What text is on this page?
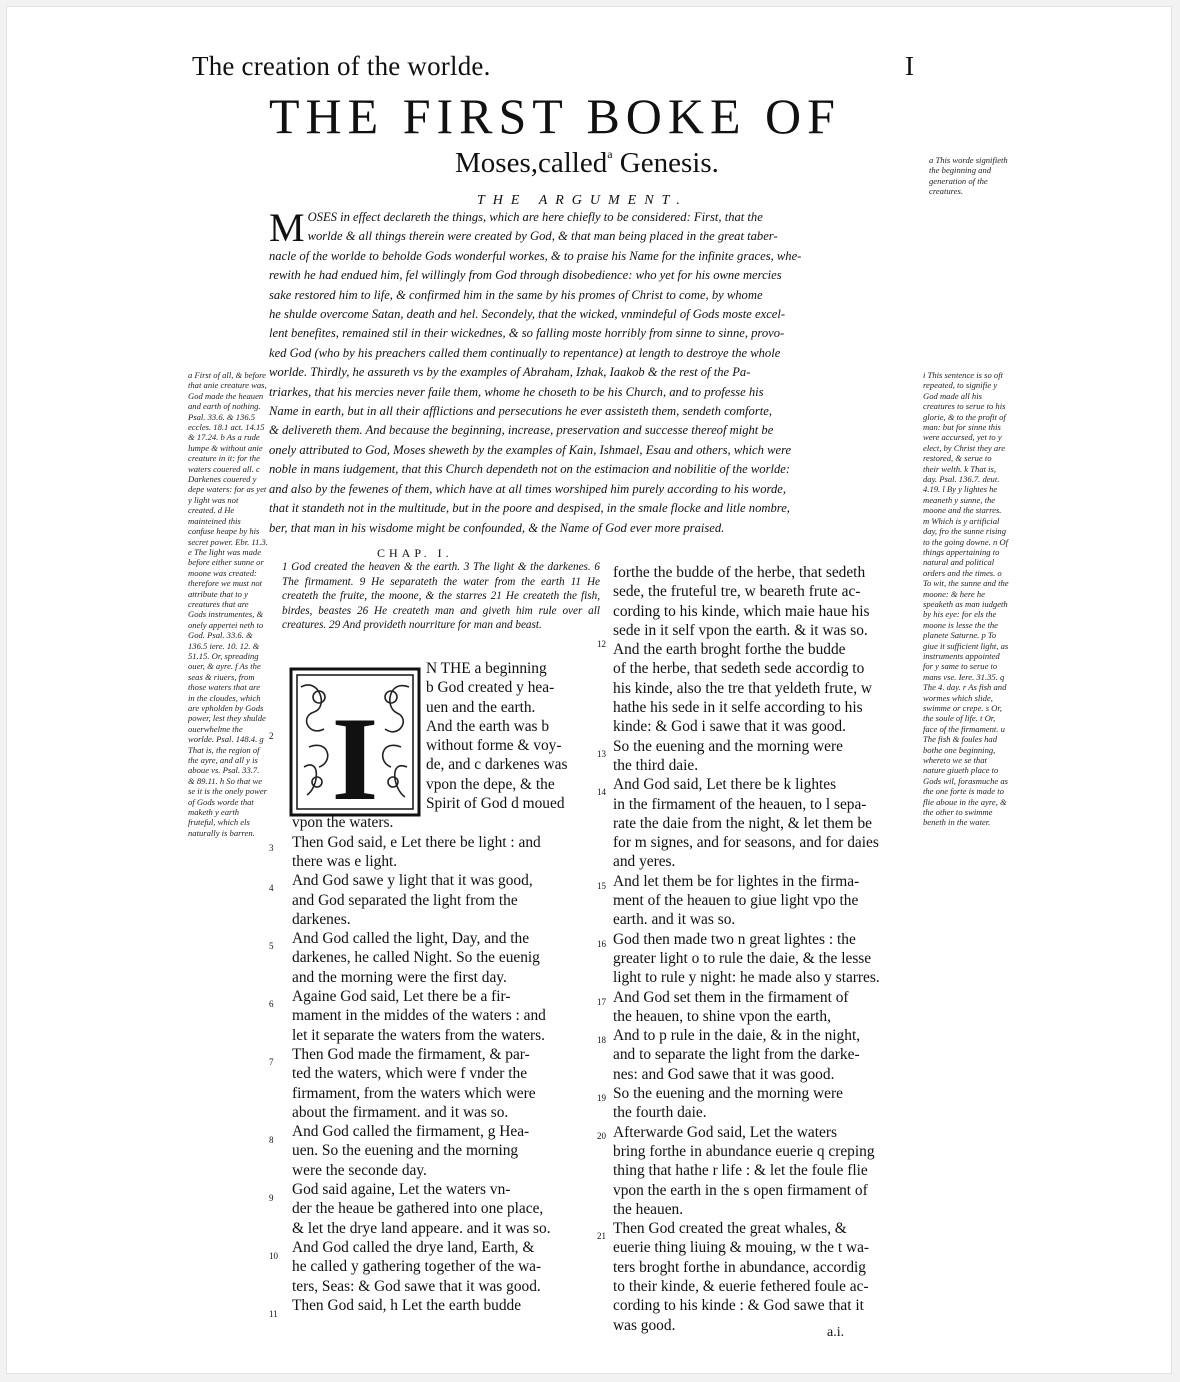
The creation of the worlde.	I
THE FIRST BOKE OF
Moses,called$^a$ Genesis.	a This worde signifieth the beginning and generation of the creatures.
THE ARGUMENT.
M OSES in effect declareth the things, which are here chiefly to be considered: First, that the
worlde & all things therein were created by God, & that man being placed in the great taber-
nacle of the worlde to beholde Gods wonderful workes, & to praise his Name for the infinite graces, whe-
rewith he had endued him, fel willingly from God through disobedience: who yet for his owne mercies
sake restored him to life, & confirmed him in the same by his promes of Christ to come, by whome
he shulde overcome Satan, death and hel. Secondely, that the wicked, vnmindeful of Gods moste excel-
lent benefites, remained stil in their wickednes, & so falling moste horribly from sinne to sinne, provo-
ked God (who by his preachers called them continually to repentance) at length to destroye the whole
worlde. Thirdly, he assureth vs by the examples of Abraham, Izhak, Iaakob & the rest of the Pa-
triarkes, that his mercies never faile them, whome he choseth to be his Church, and to professe his
Name in earth, but in all their afflictions and persecutions he ever assisteth them, sendeth comforte,
& delivereth them. And because the beginning, increase, preservation and successe thereof might be
onely attributed to God, Moses sheweth by the examples of Kain, Ishmael, Esau and others, which were
noble in mans iudgement, that this Church dependeth not on the estimacion and nobilitie of the worlde:
and also by the fewenes of them, which have at all times worshiped him purely according to his worde,
that it standeth not in the multitude, but in the poore and despised, in the smale flocke and litle nombre,
ber, that man in his wisdome might be confounded, & the Name of God ever more praised.
a First of all, & before that anie creature was, God made the heauen and earth of nothing. Psal. 33.6. & 136.5 eccles. 18.1 act. 14.15 & 17.24. b As a rude lumpe & without anie creature in it: for the waters couered all. c Darkenes couered y depe waters: for as yet y light was not created. d He mainteined this confuse heape by his secret power. Ebr. 11.3. e The light was made before either sunne or moone was created: therefore we must not attribute that to y creatures that are Gods instrumentes, & onely appertei neth to God. Psal. 33.6. & 136.5 iere. 10. 12. & 51.15. Or, spreading ouer, & ayre. f As the seas & riuers, from those waters that are in the cloudes, which are vpholden by Gods power, lest they shulde ouerwhelme the worlde. Psal. 148.4. g That is, the region of the ayre, and all y is aboue vs. Psal. 33.7. & 89.11. h So that we se it is the onely power of Gods worde that maketh y earth fruteful, which els naturally is barren.
i This sentence is so oft repeated, to signifie y God made all his creatures to serue to his glorie, & to the profit of man: but for sinne this were accursed, yet to y elect, by Christ they are restored, & serue to their welth. k That is, day. Psal. 136.7. deut. 4.19. l By y lightes he meaneth y sunne, the moone and the starres. m Which is y artificial day, fro the sunne rising to the going downe. n Of things appertaining to natural and political orders and the times. o To wit, the sunne and the moone: & here he speaketh as man iudgeth by his eye: for els the moone is lesse the the planete Saturne. p To giue it sufficient light, as instruments appointed for y same to serue to mans vse. Iere. 31.35. q The 4. day. r As fish and wormes which slide, swimme or crepe. s Or, the soule of life. t Or, face of the firmament. u The fish & foules had bothe one beginning, whereto we se that nature giueth place to Gods wil, forasmuche as the one forte is made to flie aboue in the ayre, & the other to swimme beneth in the water.
CHAP. I.
1 God created the heaven & the earth. 3 The light & the darkenes. 6 The firmament. 9 He separateth the water from the earth 11 He createth the fruite, the moone, & the starres 21 He createth the fish, birdes, beastes 26 He createth man and giveth him rule over all creatures. 29 And provideth nourriture for man and beast.
I
N THE a beginning
b God created y hea-
uen and the earth.
And the earth was b
without forme & voy-
de, and c darkenes was
vpon the depe, & the
Spirit of God d moued
vpon the waters.
Then God said, e Let there be light : and
there was e light.
And God sawe y light that it was good,
and God separated the light from the
darkenes.
And God called the light, Day, and the
darkenes, he called Night. So the euenig
and the morning were the first day.
Againe God said, Let there be a fir-
mament in the middes of the waters : and
let it separate the waters from the waters.
Then God made the firmament, & par-
ted the waters, which were f vnder the
firmament, from the waters which were
about the firmament. and it was so.
And God called the firmament, g Hea-
uen. So the euening and the morning
were the seconde day.
God said againe, Let the waters vn-
der the heaue be gathered into one place,
& let the drye land appeare. and it was so.
And God called the drye land, Earth, &
he called y gathering together of the wa-
ters, Seas: & God sawe that it was good.
Then God said, h Let the earth budde
forthe the budde of the herbe, that sedeth
sede, the fruteful tre, w beareth frute ac-
cording to his kinde, which maie haue his
sede in it self vpon the earth. & it was so.
And the earth broght forthe the budde
of the herbe, that sedeth sede accordig to
his kinde, also the tre that yeldeth frute, w
hathe his sede in it selfe according to his
kinde: & God i sawe that it was good.
So the euening and the morning were
the third daie.
And God said, Let there be k lightes
in the firmament of the heauen, to l sepa-
rate the daie from the night, & let them be
for m signes, and for seasons, and for daies
and yeres.
And let them be for lightes in the firma-
ment of the heauen to giue light vpo the
earth. and it was so.
God then made two n great lightes : the
greater light o to rule the daie, & the lesse
light to rule y night: he made also y starres.
And God set them in the firmament of
the heauen, to shine vpon the earth,
And to p rule in the daie, & in the night,
and to separate the light from the darke-
nes: and God sawe that it was good.
So the euening and the morning were
the fourth daie.
Afterwarde God said, Let the waters
bring forthe in abundance euerie q creping
thing that hathe r life : & let the foule flie
vpon the earth in the s open firmament of
the heauen.
Then God created the great whales, &
euerie thing liuing & mouing, w the t wa-
ters broght forthe in abundance, accordig
to their kinde, & euerie fethered foule ac-
cording to his kinde : & God sawe that it
was good.
2
3
4
5
6
7
8
9
10
11
12
13
14
15
16
17
18
19
20
21
a.i.
